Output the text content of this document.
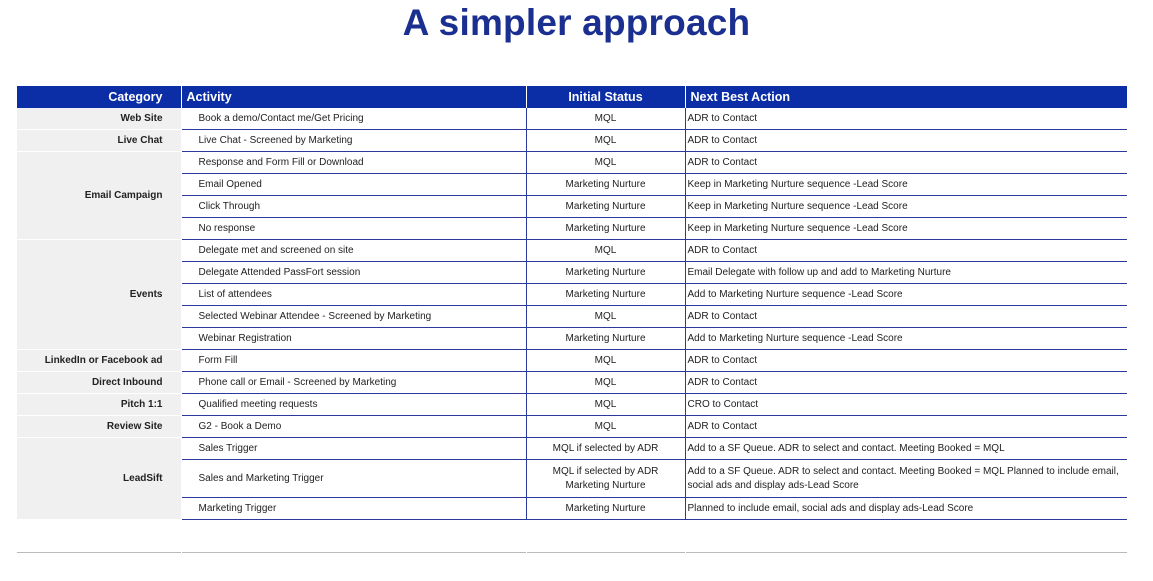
A simpler approach
Category	Activity	Initial Status	Next Best Action
Web Site	Book a demo/Contact me/Get Pricing	MQL	ADR to Contact
Live Chat	Live Chat - Screened by Marketing	MQL	ADR to Contact
Email Campaign	Response and Form Fill or Download	MQL	ADR to Contact
	Email Opened	Marketing Nurture	Keep in Marketing Nurture sequence -Lead Score
	Click Through	Marketing Nurture	Keep in Marketing Nurture sequence -Lead Score
	No response	Marketing Nurture	Keep in Marketing Nurture sequence -Lead Score
Events	Delegate met and screened on site	MQL	ADR to Contact
	Delegate Attended PassFort session	Marketing Nurture	Email Delegate with follow up and add to Marketing Nurture
	List of attendees	Marketing Nurture	Add to Marketing Nurture sequence -Lead Score
	Selected Webinar Attendee - Screened by Marketing	MQL	ADR to Contact
	Webinar Registration	Marketing Nurture	Add to Marketing Nurture sequence -Lead Score
LinkedIn or Facebook ad	Form Fill	MQL	ADR to Contact
Direct Inbound	Phone call or Email - Screened by Marketing	MQL	ADR to Contact
Pitch 1:1	Qualified meeting requests	MQL	CRO to Contact
Review Site	G2 - Book a Demo	MQL	ADR to Contact
LeadSift	Sales Trigger	MQL if selected by ADR	Add to a SF Queue. ADR to select and contact. Meeting Booked = MQL
	Sales and Marketing Trigger	MQL if selected by ADR Marketing Nurture	Add to a SF Queue. ADR to select and contact. Meeting Booked = MQL Planned to include email, social ads and display ads-Lead Score
	Marketing Trigger	Marketing Nurture	Planned to include email, social ads and display ads-Lead Score
